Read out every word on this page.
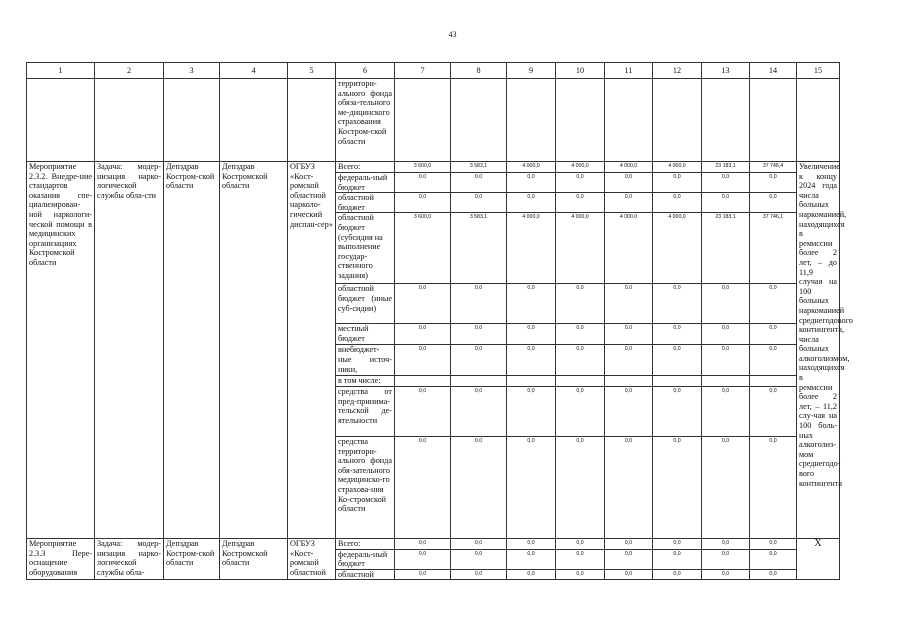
43
1	2	3	4	5	6	7	8	9	10	11	12	13	14	15
					территори-ального фонда обяза-тельного ме-дицинского страхования Костром-ской области									
Мероприятие 2.3.2. Внедре-ние стандартов оказания спе-циализирован-ной наркологи-ческой помощи в медицинских организациях Костромской области	Задача: модер-низация нарко-логической службы обла-сти	Депздрав Костром-ской области	Депздрав Костромской области	ОГБУЗ «Кост-ромской областной нарколо-гический диспан-сер»	Всего:	3 600,0	3 583,1	4 000,0	4 000,0	4 000,0	4 000,0	23 183,1	37 746,4	Увеличение к концу 2024 года числа больных наркоманией, находящихся в ремиссии более 2 лет, – до 11,9 случая на 100 больных наркоманией среднегодового контингента, числа больных алкоголизмом, находящихся в ремиссии более 2 лет, – 11,2 слу-чая на 100 боль-ных алкоголиз-мом среднегодо-вого контингента
					федераль-ный бюджет	0,0	0,0	0,0	0,0	0,0	0,0	0,0	0,0	
					областной бюджет	0,0	0,0	0,0	0,0	0,0	0,0	0,0	0,0	
					областной бюджет (субсидия на выполнение государ-ственного задания)	3 600,0	3 583,1	4 000,0	4 000,0	4 000,0	4 000,0	23 183,1	37 746,1	
					областной бюджет (иные суб-сидии)	0,0	0,0	0,0	0,0	0,0	0,0	0,0	0,0	
					местный бюджет	0,0	0,0	0,0	0,0	0,0	0,0	0,0	0,0	
					внебюджет-ные источ-ники,	0,0	0,0	0,0	0,0	0,0	0,0	0,0	0,0	
					в том числе:									
					средства от пред-принима-тельской де-ятельности	0,0	0,0	0,0	0,0	0,0	0,0	0,0	0,0	
					средства территори-ального фонда обя-зательного медицинско-го страхова-ния Ко-стромской области	0,0	0,0	0,0	0,0	0,0	0,0	0,0	0,0	
Мероприятие 2.3.3 Пере-оснащение оборудования	Задача: модер-низация нарко-логической службы обла-	Депздрав Костром-ской области	Депздрав Костромской области	ОГБУЗ «Кост-ромской областной	Всего:	0,0	0,0	0,0	0,0	0,0	0,0	0,0	0,0	X
					федераль-ный бюджет	0,0	0,0	0,0	0,0	0,0	0,0	0,0	0,0	
					областной	0,0	0,0	0,0	0,0	0,0	0,0	0,0	0,0	
